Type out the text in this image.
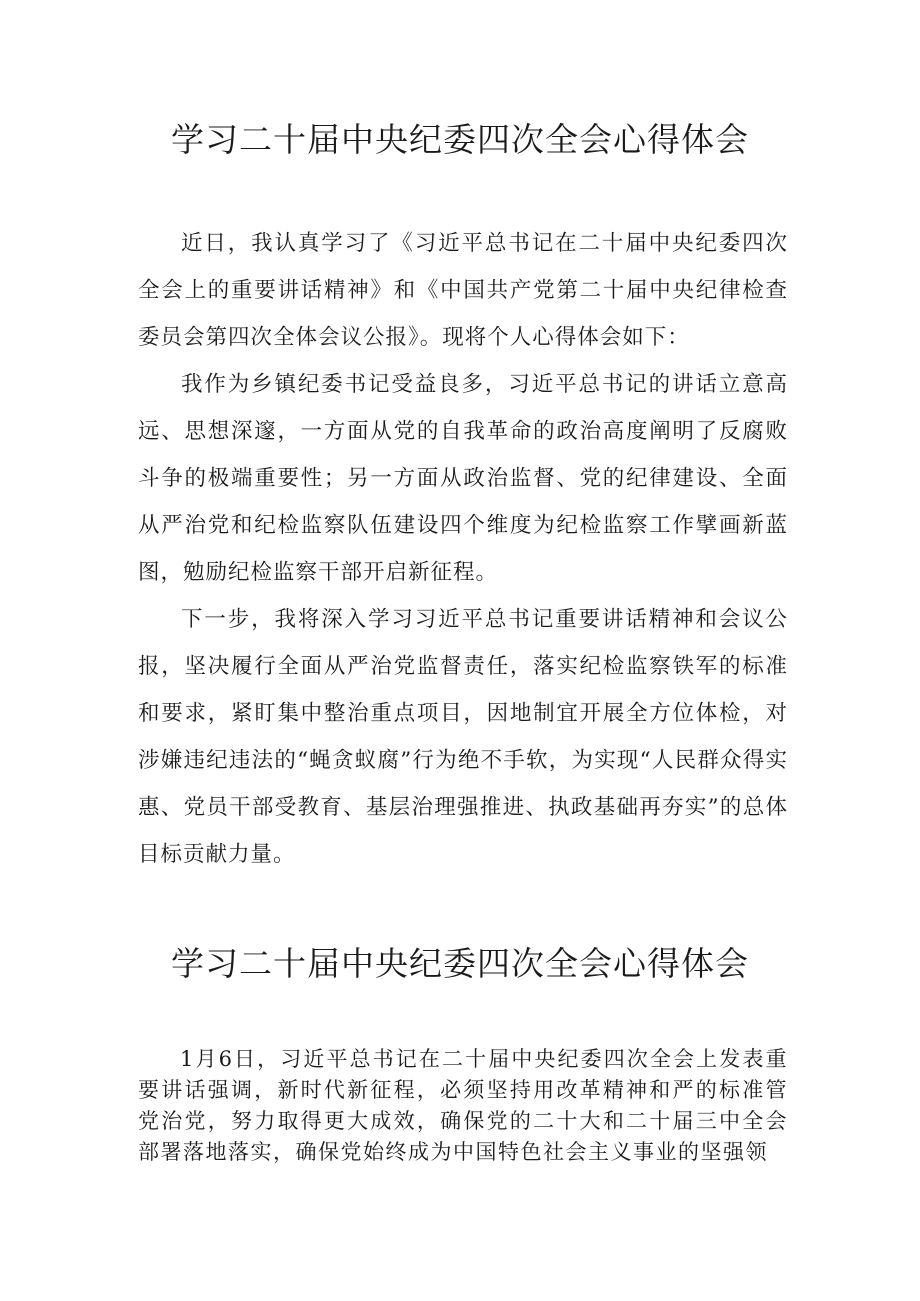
学习二十届中央纪委四次全会心得体会

近日，我认真学习了《习近平总书记在二十届中央纪委四次全会上的重要讲话精神》和《中国共产党第二十届中央纪律检查委员会第四次全体会议公报》。现将个人心得体会如下：

我作为乡镇纪委书记受益良多，习近平总书记的讲话立意高远、思想深邃，一方面从党的自我革命的政治高度阐明了反腐败斗争的极端重要性；另一方面从政治监督、党的纪律建设、全面从严治党和纪检监察队伍建设四个维度为纪检监察工作擘画新蓝图，勉励纪检监察干部开启新征程。

下一步，我将深入学习习近平总书记重要讲话精神和会议公报，坚决履行全面从严治党监督责任，落实纪检监察铁军的标准和要求，紧盯集中整治重点项目，因地制宜开展全方位体检，对涉嫌违纪违法的“蝇贪蚁腐”行为绝不手软，为实现“人民群众得实惠、党员干部受教育、基层治理强推进、执政基础再夯实”的总体目标贡献力量。

学习二十届中央纪委四次全会心得体会

1月6日，习近平总书记在二十届中央纪委四次全会上发表重要讲话强调，新时代新征程，必须坚持用改革精神和严的标准管党治党，努力取得更大成效，确保党的二十大和二十届三中全会部署落地落实，确保党始终成为中国特色社会主义事业的坚强领
